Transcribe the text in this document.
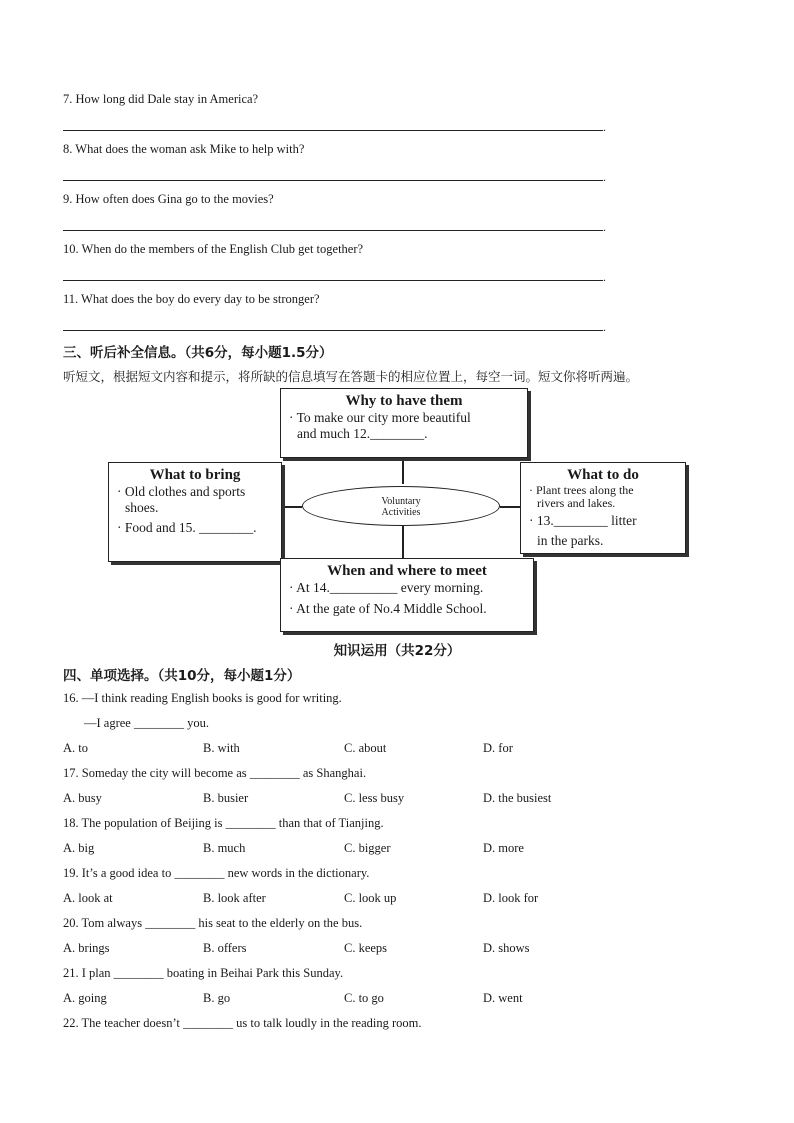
7. How long did Dale stay in America?
.
8. What does the woman ask Mike to help with?
.
9. How often does Gina go to the movies?
.
10. When do the members of the English Club get together?
.
11. What does the boy do every day to be stronger?
.
三、听后补全信息。（共6分，每小题1.5分）
听短文，根据短文内容和提示，将所缺的信息填写在答题卡的相应位置上，每空一词。短文你将听两遍。
Voluntary
Activities
Why to have them
· To make our city more beautiful
and much 12.________.
What to bring
· Old clothes and sports
shoes.
· Food and 15. ________.
What to do
· Plant trees along the
rivers and lakes.
· 13.________ litter
in the parks.
When and where to meet
· At 14.__________ every morning.
· At the gate of No.4 Middle School.
知识运用（共22分）
四、单项选择。（共10分，每小题1分）
16. —I think reading English books is good for writing.
—I agree ________ you.
A. to	B. with	C. about	D. for
17. Someday the city will become as ________ as Shanghai.
A. busy	B. busier	C. less busy	D. the busiest
18. The population of Beijing is ________ than that of Tianjing.
A. big	B. much	C. bigger	D. more
19. It’s a good idea to ________ new words in the dictionary.
A. look at	B. look after	C. look up	D. look for
20. Tom always ________ his seat to the elderly on the bus.
A. brings	B. offers	C. keeps	D. shows
21. I plan ________ boating in Beihai Park this Sunday.
A. going	B. go	C. to go	D. went
22. The teacher doesn’t ________ us to talk loudly in the reading room.
